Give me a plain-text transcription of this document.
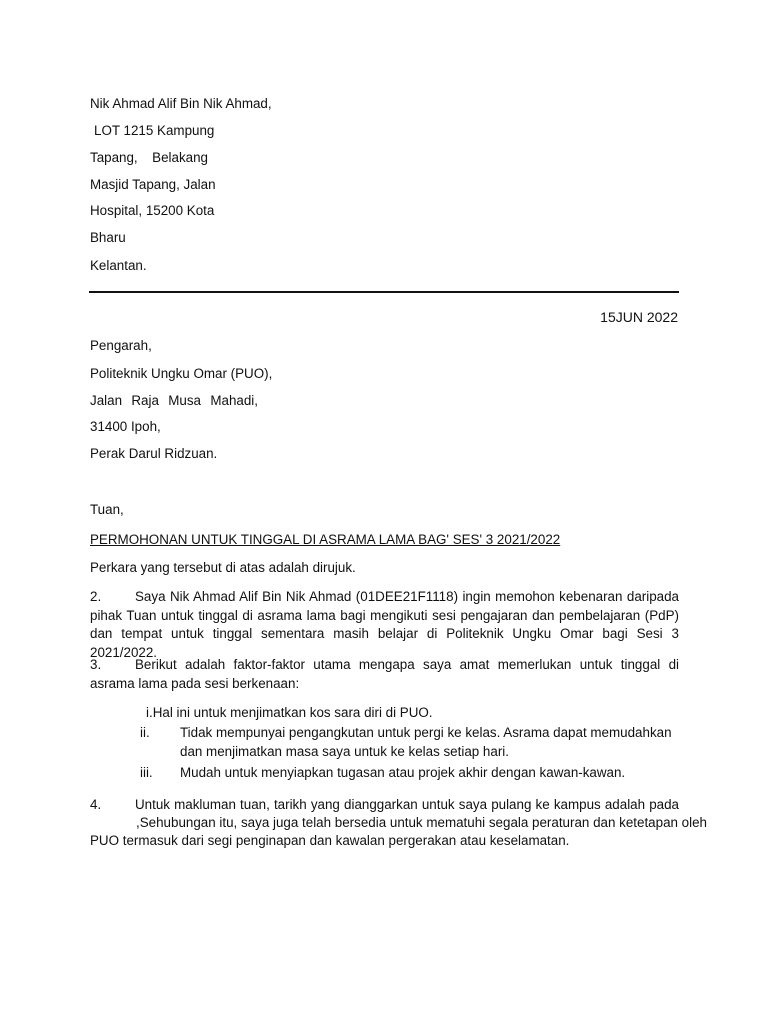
Nik Ahmad Alif Bin Nik Ahmad,
LOT 1215 Kampung
Tapang, Belakang
Masjid Tapang, Jalan
Hospital, 15200 Kota
Bharu
Kelantan.
15JUN 2022
Pengarah,
Politeknik Ungku Omar (PUO),
Jalan Raja Musa Mahadi,
31400 Ipoh,
Perak Darul Ridzuan.
Tuan,
PERMOHONAN UNTUK TINGGAL DI ASRAMA LAMA BAG' SES' 3 2021/2022
Perkara yang tersebut di atas adalah dirujuk.
2.	Saya Nik Ahmad Alif Bin Nik Ahmad (01DEE21F1118) ingin memohon kebenaran daripada pihak Tuan untuk tinggal di asrama lama bagi mengikuti sesi pengajaran dan pembelajaran (PdP) dan tempat untuk tinggal sementara masih belajar di Politeknik Ungku Omar bagi Sesi 3 2021/2022.
3.	Berikut adalah faktor-faktor utama mengapa saya amat memerlukan untuk tinggal di asrama lama pada sesi berkenaan:
i.Hal ini untuk menjimatkan kos sara diri di PUO.
ii. Tidak mempunyai pengangkutan untuk pergi ke kelas. Asrama dapat memudahkan dan menjimatkan masa saya untuk ke kelas setiap hari.
iii. Mudah untuk menyiapkan tugasan atau projek akhir dengan kawan-kawan.
4.	Untuk makluman tuan, tarikh yang dianggarkan untuk saya pulang ke kampus adalah pada
,Sehubungan itu, saya juga telah bersedia untuk mematuhi segala peraturan dan ketetapan oleh
PUO termasuk dari segi penginapan dan kawalan pergerakan atau keselamatan.
